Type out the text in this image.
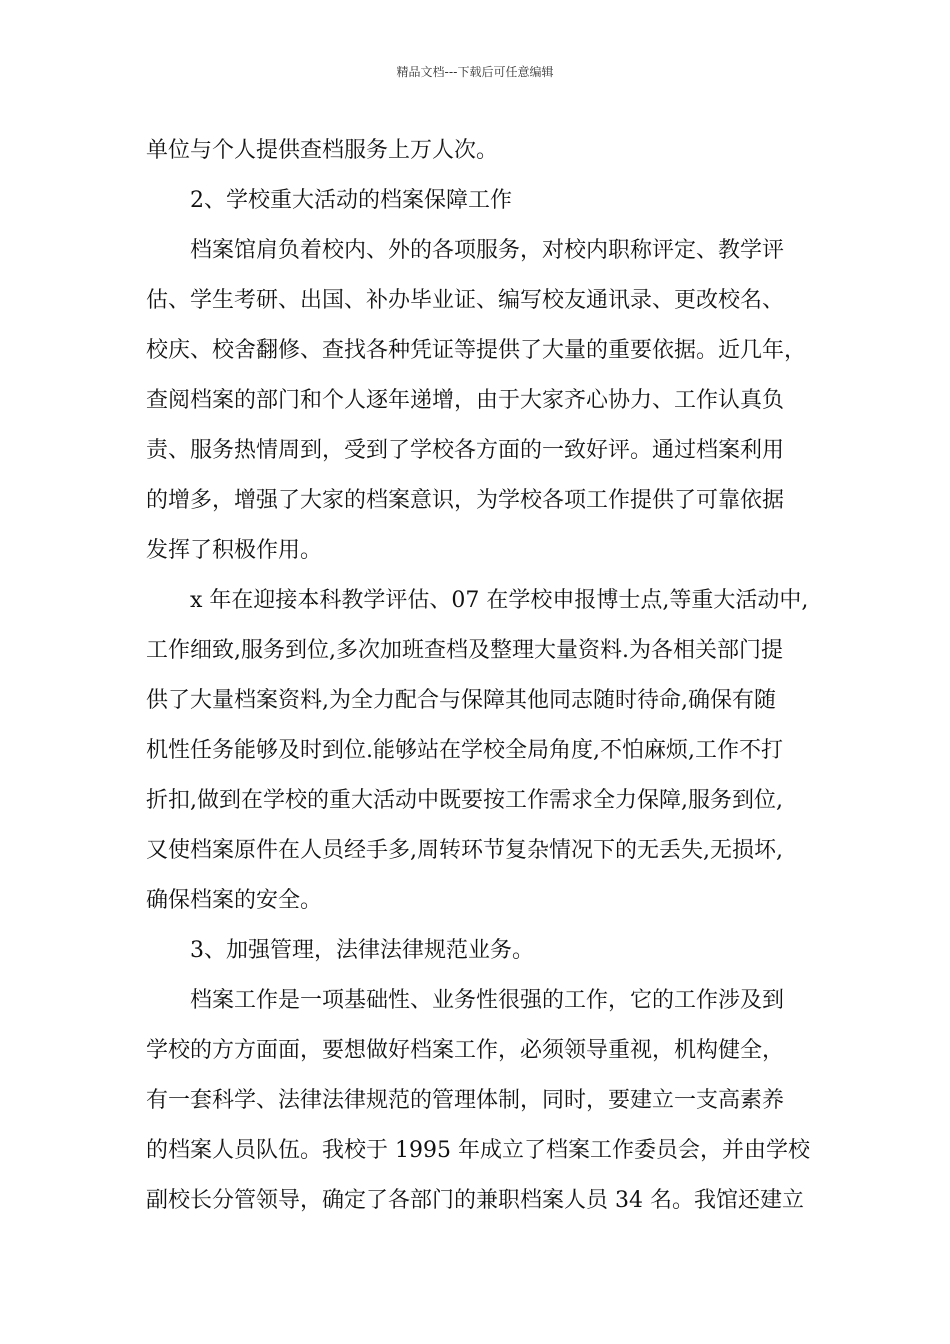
精品文档---下载后可任意编辑
单位与个人提供查档服务上万人次。
2、学校重大活动的档案保障工作
档案馆肩负着校内、外的各项服务，对校内职称评定、教学评
估、学生考研、出国、补办毕业证、编写校友通讯录、更改校名、
校庆、校舍翻修、查找各种凭证等提供了大量的重要依据。近几年，
查阅档案的部门和个人逐年递增，由于大家齐心协力、工作认真负
责、服务热情周到，受到了学校各方面的一致好评。通过档案利用
的增多，增强了大家的档案意识，为学校各项工作提供了可靠依据
发挥了积极作用。
x 年在迎接本科教学评估、07 在学校申报博士点,等重大活动中,
工作细致,服务到位,多次加班查档及整理大量资料.为各相关部门提
供了大量档案资料,为全力配合与保障其他同志随时待命,确保有随
机性任务能够及时到位.能够站在学校全局角度,不怕麻烦,工作不打
折扣,做到在学校的重大活动中既要按工作需求全力保障,服务到位,
又使档案原件在人员经手多,周转环节复杂情况下的无丢失,无损坏,
确保档案的安全。
3、加强管理，法律法律规范业务。
档案工作是一项基础性、业务性很强的工作，它的工作涉及到
学校的方方面面，要想做好档案工作，必须领导重视，机构健全，
有一套科学、法律法律规范的管理体制，同时，要建立一支高素养
的档案人员队伍。我校于 1995 年成立了档案工作委员会，并由学校
副校长分管领导，确定了各部门的兼职档案人员 34 名。我馆还建立
